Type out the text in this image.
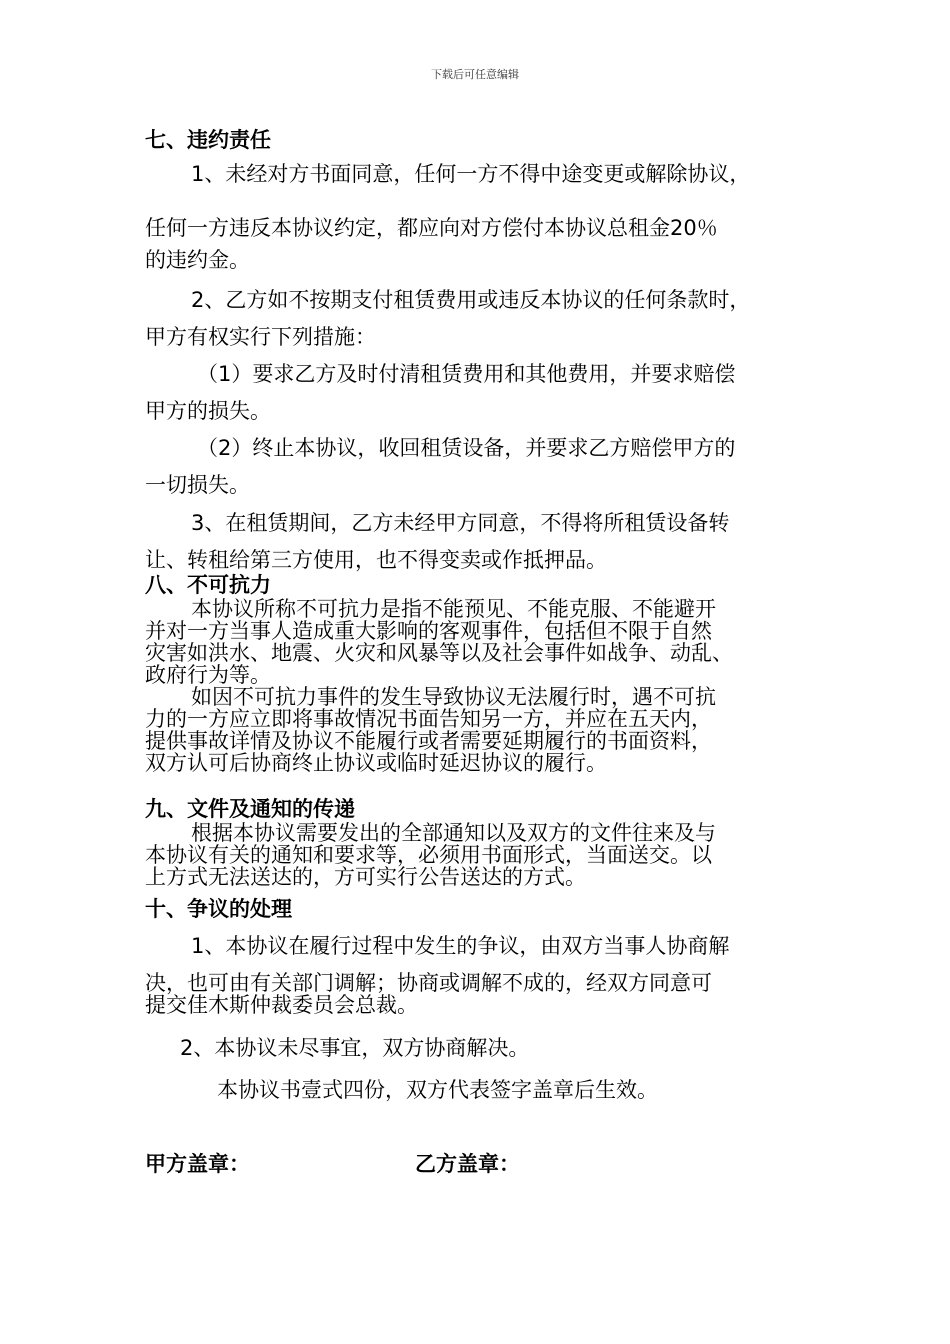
下载后可任意编辑
七、违约责任
1、未经对方书面同意，任何一方不得中途变更或解除协议，
任何一方违反本协议约定，都应向对方偿付本协议总租金20％
的违约金。
2、乙方如不按期支付租赁费用或违反本协议的任何条款时，
甲方有权实行下列措施：
（1）要求乙方及时付清租赁费用和其他费用，并要求赔偿
甲方的损失。
（2）终止本协议，收回租赁设备，并要求乙方赔偿甲方的
一切损失。
3、在租赁期间，乙方未经甲方同意，不得将所租赁设备转
让、转租给第三方使用，也不得变卖或作抵押品。
八、不可抗力
本协议所称不可抗力是指不能预见、不能克服、不能避开
并对一方当事人造成重大影响的客观事件，包括但不限于自然
灾害如洪水、地震、火灾和风暴等以及社会事件如战争、动乱、
政府行为等。
如因不可抗力事件的发生导致协议无法履行时，遇不可抗
力的一方应立即将事故情况书面告知另一方，并应在五天内，
提供事故详情及协议不能履行或者需要延期履行的书面资料，
双方认可后协商终止协议或临时延迟协议的履行。
九、文件及通知的传递
根据本协议需要发出的全部通知以及双方的文件往来及与
本协议有关的通知和要求等，必须用书面形式，当面送交。以
上方式无法送达的，方可实行公告送达的方式。
十、争议的处理
1、本协议在履行过程中发生的争议，由双方当事人协商解
决，也可由有关部门调解；协商或调解不成的，经双方同意可
提交佳木斯仲裁委员会总裁。
2、本协议未尽事宜，双方协商解决。
本协议书壹式四份，双方代表签字盖章后生效。
甲方盖章：	乙方盖章：
